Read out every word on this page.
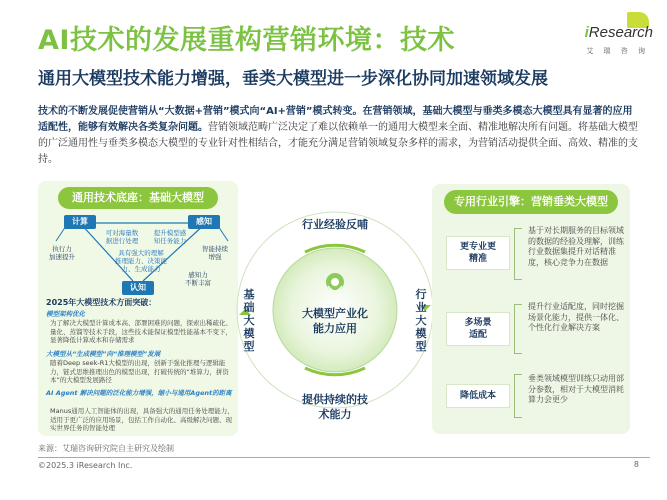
AI技术的发展重构营销环境：技术
通用大模型技术能力增强，垂类大模型进一步深化协同加速领域发展
iResearch
艾 瑞 咨 询
技术的不断发展促使营销从“大数据+营销”模式向“AI+营销”模式转变。在营销领域，基础大模型与垂类多模态大模型具有显著的应用适配性，能够有效解决各类复杂问题。营销领域范畴广泛决定了难以依赖单一的通用大模型来全面、精准地解决所有问题。将基础大模型的广泛通用性与垂类多模态大模型的专业针对性相结合，才能充分满足营销领域复杂多样的需求，为营销活动提供全面、高效、精准的支持。
通用技术底座：基础大模型
计算	感知
认知
可对海量数
据进行处理
提升模型感
知任务能力
具有强大的理解
推理能力、决策能
力、生成能力
执行力
加速提升
智能持续
增强
感知力
不断丰富
2025年大模型技术方面突破：
模型架构优化
为了解决大模型计算成本高、部署困难的问题，探索出稀疏化、量化、蒸馏等技术手段，这些技术能保证模型性能基本不变下，显著降低计算成本和存储需求
大模型从“生成模型”向“推理模型”发展
随着Deep seek-R1大模型的出现，创新于强化推理与逻辑能力，链式思维推理出色的模型出现，打破传统的“堆算力，拼资本”的大模型发展路径
AI Agent 解决问题的泛化能力增强，缩小与通用Agent的距离
Manus通用人工智能体的出现，具备强大的通用任务处理能力，适用于更广泛的应用场景，包括工作自动化、高级解决问题、现实世界任务的智能处理
行业经验反哺
大模型产业化
能力应用
提供持续的技
术能力
基础大模型
行业大模型
专用行业引擎：营销垂类大模型
更专业更
精准
基于对长期服务的目标领域的数据的经验及理解，训练行业数据集提升对话精准度，核心竞争力在数据
多场景
适配
提升行业适配度，同时挖掘场景化能力，提供一体化、个性化行业解决方案
降低成本
垂类领域模型训练只动用部分参数，相对于大模型消耗算力会更少
来源：艾瑞咨询研究院自主研究及绘制
©2025.3 iResearch Inc.	8
